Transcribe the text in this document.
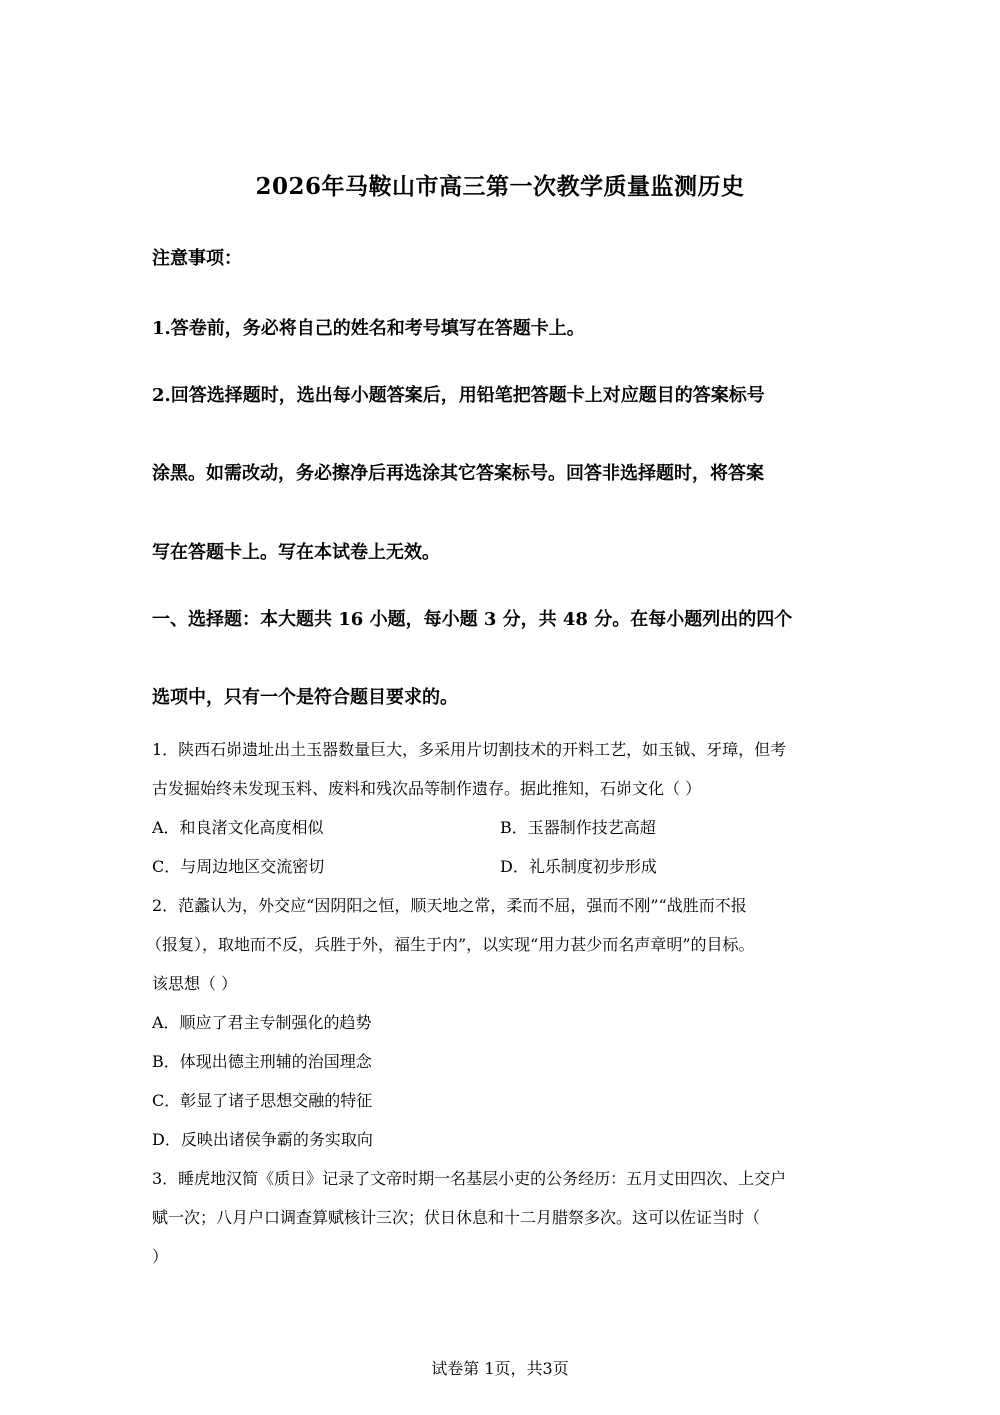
2026年马鞍山市高三第一次教学质量监测历史
注意事项：
1.答卷前，务必将自己的姓名和考号填写在答题卡上。
2.回答选择题时，选出每小题答案后，用铅笔把答题卡上对应题目的答案标号
涂黑。如需改动，务必擦净后再选涂其它答案标号。回答非选择题时，将答案
写在答题卡上。写在本试卷上无效。
一、选择题：本大题共 16 小题，每小题 3 分，共 48 分。在每小题列出的四个
选项中，只有一个是符合题目要求的。
1．陕西石峁遗址出土玉器数量巨大，多采用片切割技术的开料工艺，如玉钺、牙璋，但考
古发掘始终未发现玉料、废料和残次品等制作遗存。据此推知，石峁文化（ ）
A．和良渚文化高度相似	B．玉器制作技艺高超
C．与周边地区交流密切	D．礼乐制度初步形成
2．范蠡认为，外交应“因阴阳之恒，顺天地之常，柔而不屈，强而不刚”“战胜而不报
（报复），取地而不反，兵胜于外，福生于内”，以实现“用力甚少而名声章明”的目标。
该思想（ ）
A．顺应了君主专制强化的趋势
B．体现出德主刑辅的治国理念
C．彰显了诸子思想交融的特征
D．反映出诸侯争霸的务实取向
3．睡虎地汉简《质日》记录了文帝时期一名基层小吏的公务经历：五月丈田四次、上交户
赋一次；八月户口调查算赋核计三次；伏日休息和十二月腊祭多次。这可以佐证当时（
）
试卷第 1页，共3页
